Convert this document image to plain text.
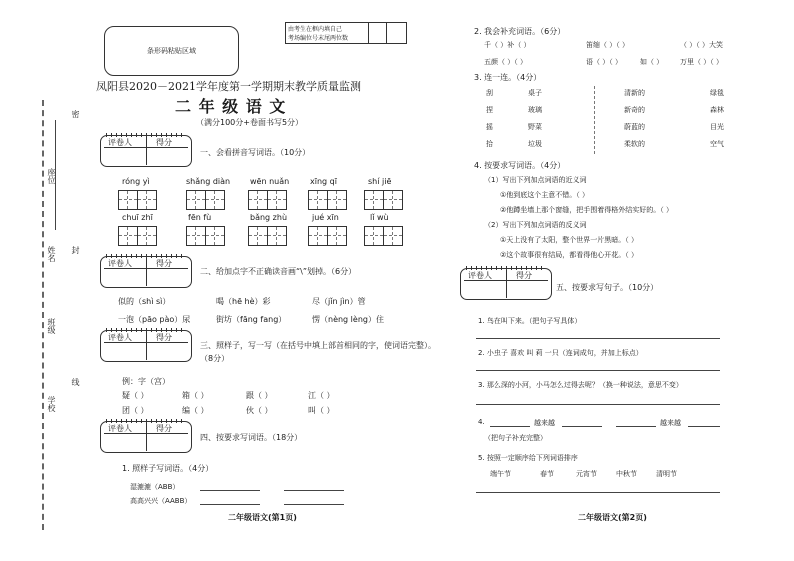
座位
姓名
班级
学校
密
封
线
条形码粘贴区域
由考生在框内填自己
考场编位号末尾两位数
凤阳县2020－2021学年度第一学期期末教学质量监测
二 年 级 语 文
（满分100分+卷面书写5分）
评卷人	得分
评卷人	得分
评卷人	得分
评卷人	得分
一、会看拼音写词语。（10分）
róng yì	shǎng diàn wēn nuǎn	xīng qī	shí jiē
chuī zhī	fēn fù	bǎng zhù	jué xīn	lǐ wù
二、给加点字不正确读音画“\”划掉。（6分）
似的（shì sì）	喝（hē hè）彩	尽（jǐn jìn）管
一泡（pāo pào）尿	街坊（fāng fang）	愣（nèng lèng）住
三、照样子，写一写（在括号中填上部首相同的字，使词语完整）。
（8分）
例：字（宫）
疑（ ）	箱（ ）	跟（ ）	江（ ）
团（ ）	编（ ）	伙（ ）	叫（ ）
四、按要求写词语。（18分）
1. 照样子写词语。（4分）
湿漉漉（ABB）
高高兴兴（AABB）
二年级语文(第1页)
2. 我会补充词语。（6分）
千（ ）补（ ）	笛缩（ ）（ ）	（ ）（ ）大笑
五颜（ ）（ ）	语（ ）（ ）	如（ ） 万里（ ）（ ）
3. 连一连。（4分）
刮
捏
摇
拾
桌子
玻璃
野菜
垃圾
清新的
新奇的
蔚蓝的
柔软的
绿毯
森林
目光
空气
4. 按要求写词语。（4分）
（1）写出下列加点词语的近义词
①他到底这个主意不错。（ ）
②他蹲坐墙上那个窗缝，把手围着得格外结实好的。（ ）
（2）写出下列加点词语的反义词
①天上没有了太阳，整个世界一片黑暗。（ ）
②这个故事很有结局，都看得他心开花。（ ）
评卷人	得分
五、按要求写句子。（10分）
1. 鸟在叫下来。（把句子写具体）
2. 小虫子 喜欢 叫 莉 一只（连词成句，并加上标点）
3. 那么深的小河，小马怎么过得去呢？（换一种说法，意思不变）
4.	越来越	越来越
（把句子补充完整）
5. 按照一定顺序给下列词语排序
端午节	春节	元宵节	中秋节	清明节
二年级语文(第2页)
